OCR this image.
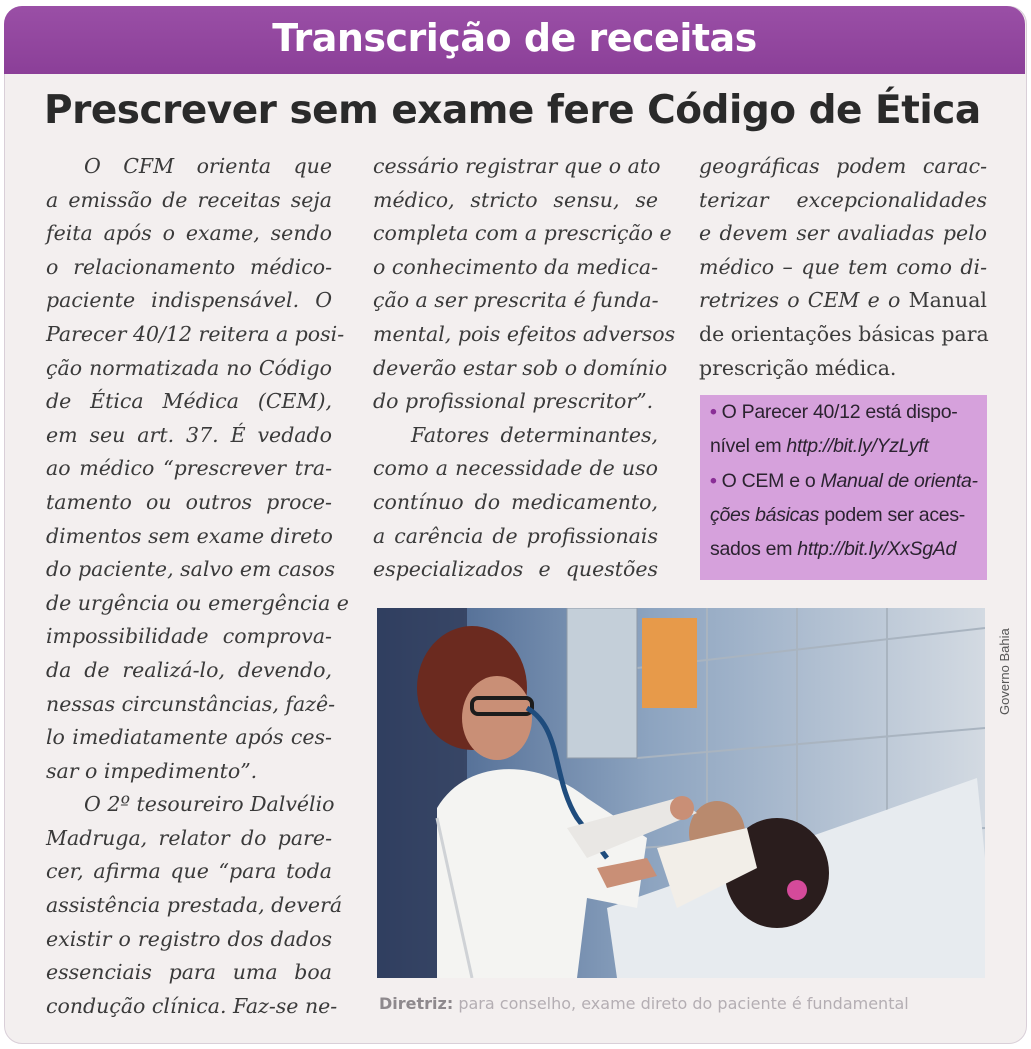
Transcrição de receitas
Prescrever sem exame fere Código de Ética
O CFM orienta que
a emissão de receitas seja
feita após o exame, sendo
o relacionamento médico-
paciente indispensável. O
Parecer 40/12 reitera a posi-
ção normatizada no Código
de Ética Médica (CEM),
em seu art. 37. É vedado
ao médico “prescrever tra-
tamento ou outros proce-
dimentos sem exame direto
do paciente, salvo em casos
de urgência ou emergência e
impossibilidade comprova-
da de realizá-lo, devendo,
nessas circunstâncias, fazê-
lo imediatamente após ces-
sar o impedimento”.
O 2º tesoureiro Dalvélio
Madruga, relator do pare-
cer, afirma que “para toda
assistência prestada, deverá
existir o registro dos dados
essenciais para uma boa
condução clínica. Faz-se ne-
cessário registrar que o ato
médico, stricto sensu, se
completa com a prescrição e
o conhecimento da medica-
ção a ser prescrita é funda-
mental, pois efeitos adversos
deverão estar sob o domínio
do profissional prescritor”.
Fatores determinantes,
como a necessidade de uso
contínuo do medicamento,
a carência de profissionais
especializados e questões
geográficas podem carac-
terizar excepcionalidades
e devem ser avaliadas pelo
médico – que tem como di-
retrizes o CEM e o Manual
de orientações básicas para
prescrição médica.
• O Parecer 40/12 está dispo-
nível em http://bit.ly/YzLyft
• O CEM e o Manual de orienta-
ções básicas podem ser aces-
sados em http://bit.ly/XxSgAd
Governo Bahia
Diretriz: para conselho, exame direto do paciente é fundamental
